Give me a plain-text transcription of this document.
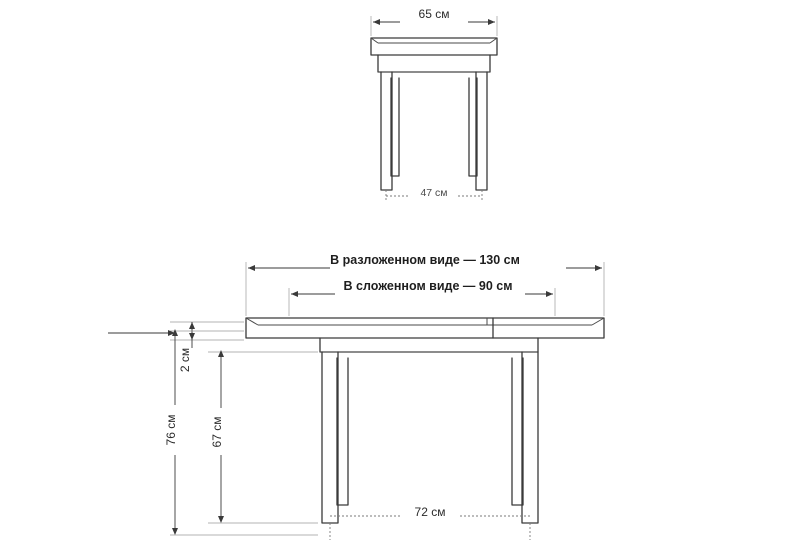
65 см
47 см
В разложенном виде — 130 см
В сложенном виде — 90 см
2 см
76 см	67 см
72 см
